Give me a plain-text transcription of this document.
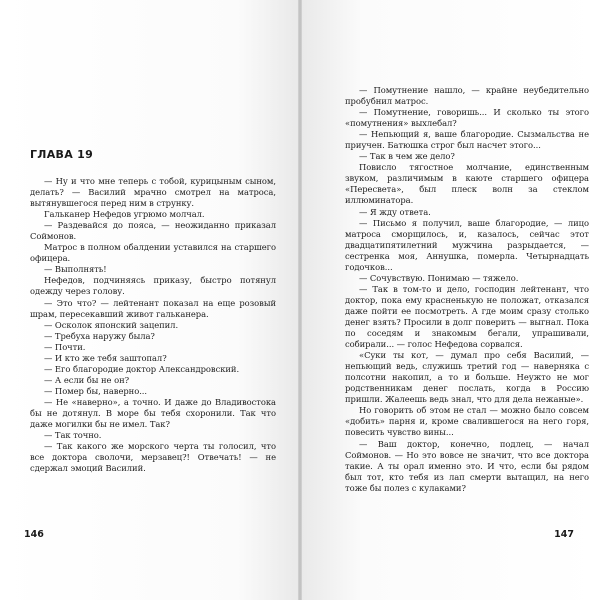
ГЛАВА 19

— Ну и что мне теперь с тобой, курицыным сыном, делать? — Василий мрачно смотрел на матроса, вытянувшегося перед ним в струнку.

Гальканер Нефедов угрюмо молчал.

— Раздевайся до пояса, — неожиданно приказал Соймонов.

Матрос в полном обалдении уставился на старшего офицера.

— Выполнять!

Нефедов, подчиняясь приказу, быстро потянул одежду через голову.

— Это что? — лейтенант показал на еще розовый шрам, пересекавший живот гальканера.

— Осколок японский зацепил.

— Требуха наружу была?

— Почти.

— И кто же тебя заштопал?

— Его благородие доктор Александровский.

— А если бы не он?

— Помер бы, наверно...

— Не «наверно», а точно. И даже до Владивостока бы не дотянул. В море бы тебя схоронили. Так что даже могилки бы не имел. Так?

— Так точно.

— Так какого же морского черта ты голосил, что все доктора сволочи, мерзавец?! Отвечать! — не сдержал эмоций Василий.

146

— Помутнение нашло, — крайне неубедительно пробубнил матрос.

— Помутнение, говоришь... И сколько ты этого «помутнения» выхлебал?

— Непьющий я, ваше благородие. Сызмальства не приучен. Батюшка строг был насчет этого...

— Так в чем же дело?

Повисло тягостное молчание, единственным звуком, различимым в каюте старшего офицера «Пересвета», был плеск волн за стеклом иллюминатора.

— Я жду ответа.

— Письмо я получил, ваше благородие, — лицо матроса сморщилось, и, казалось, сейчас этот двадцатипятилетний мужчина разрыдается, — сестренка моя, Аннушка, померла. Четырнадцать годочков...

— Сочувствую. Понимаю — тяжело.

— Так в том-то и дело, господин лейтенант, что доктор, пока ему красненькую не положат, отказался даже пойти ее посмотреть. А где моим сразу столько денег взять? Просили в долг поверить — выгнал. Пока по соседям и знакомым бегали, упрашивали, собирали... — голос Нефедова сорвался.

«Суки ты кот, — думал про себя Василий, — непьющий ведь, служишь третий год — наверняка с полсотни накопил, а то и больше. Неужто не мог родственникам денег послать, когда в Россию пришли. Жалеешь ведь знал, что для дела нежаные».

Но говорить об этом не стал — можно было совсем «добить» парня и, кроме свалившегося на него горя, повесить чувство вины...

— Ваш доктор, конечно, подлец, — начал Соймонов. — Но это вовсе не значит, что все доктора такие. А ты орал именно это. И что, если бы рядом был тот, кто тебя из лап смерти вытащил, на него тоже бы полез с кулаками?

147
